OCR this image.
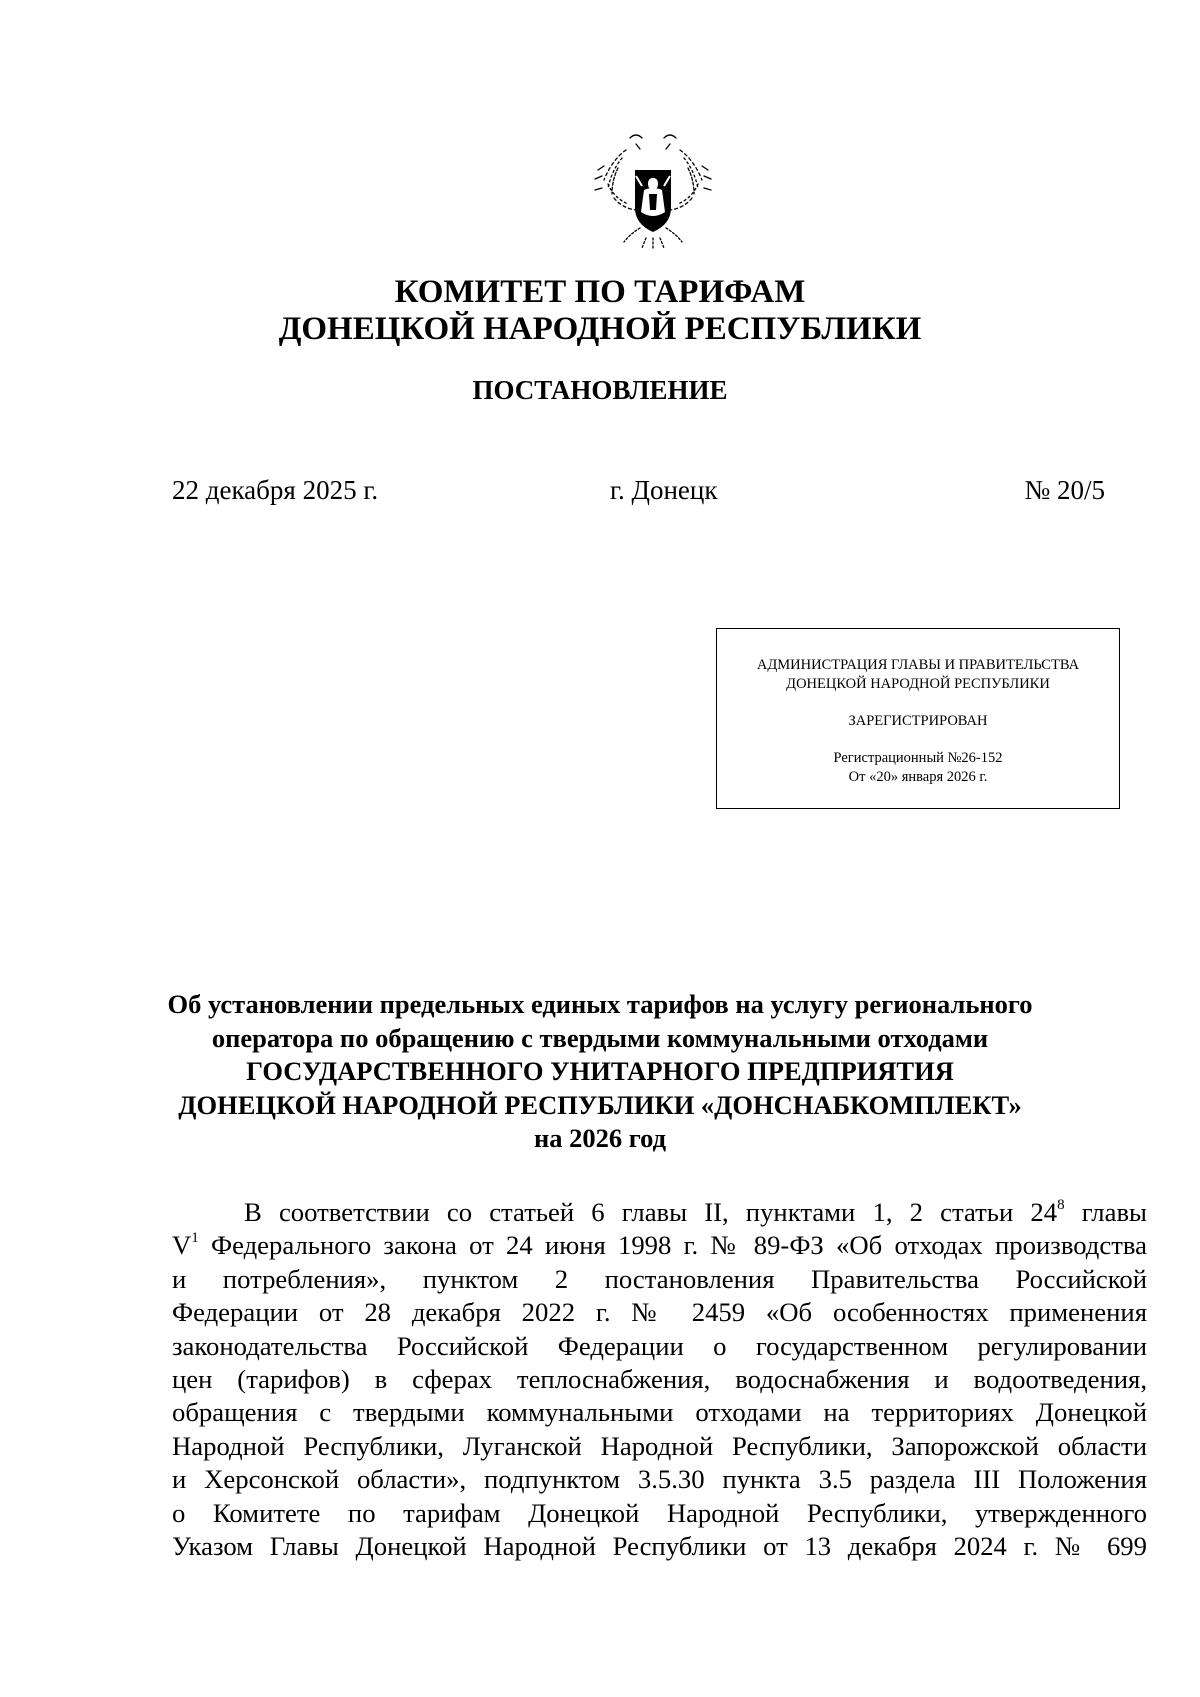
КОМИТЕТ ПО ТАРИФАМ
ДОНЕЦКОЙ НАРОДНОЙ РЕСПУБЛИКИ
ПОСТАНОВЛЕНИЕ
22 декабря 2025 г.	г. Донецк	№ 20/5
АДМИНИСТРАЦИЯ ГЛАВЫ И ПРАВИТЕЛЬСТВА
ДОНЕЦКОЙ НАРОДНОЙ РЕСПУБЛИКИ
ЗАРЕГИСТРИРОВАН
Регистрационный №26-152
От «20» января 2026 г.
Об установлении предельных единых тарифов на услугу регионального
оператора по обращению с твердыми коммунальными отходами
ГОСУДАРСТВЕННОГО УНИТАРНОГО ПРЕДПРИЯТИЯ
ДОНЕЦКОЙ НАРОДНОЙ РЕСПУБЛИКИ «ДОНСНАБКОМПЛЕКТ»
на 2026 год
В соответствии со статьей 6 главы II, пунктами 1, 2 статьи $24^8$ главы
$V^1$ Федерального закона от 24 июня 1998 г. № 89-ФЗ «Об отходах производства
и потребления», пунктом 2 постановления Правительства Российской
Федерации от 28 декабря 2022 г. № 2459 «Об особенностях применения
законодательства Российской Федерации о государственном регулировании
цен (тарифов) в сферах теплоснабжения, водоснабжения и водоотведения,
обращения с твердыми коммунальными отходами на территориях Донецкой
Народной Республики, Луганской Народной Республики, Запорожской области
и Херсонской области», подпунктом 3.5.30 пункта 3.5 раздела III Положения
о Комитете по тарифам Донецкой Народной Республики, утвержденного
Указом Главы Донецкой Народной Республики от 13 декабря 2024 г. № 699
